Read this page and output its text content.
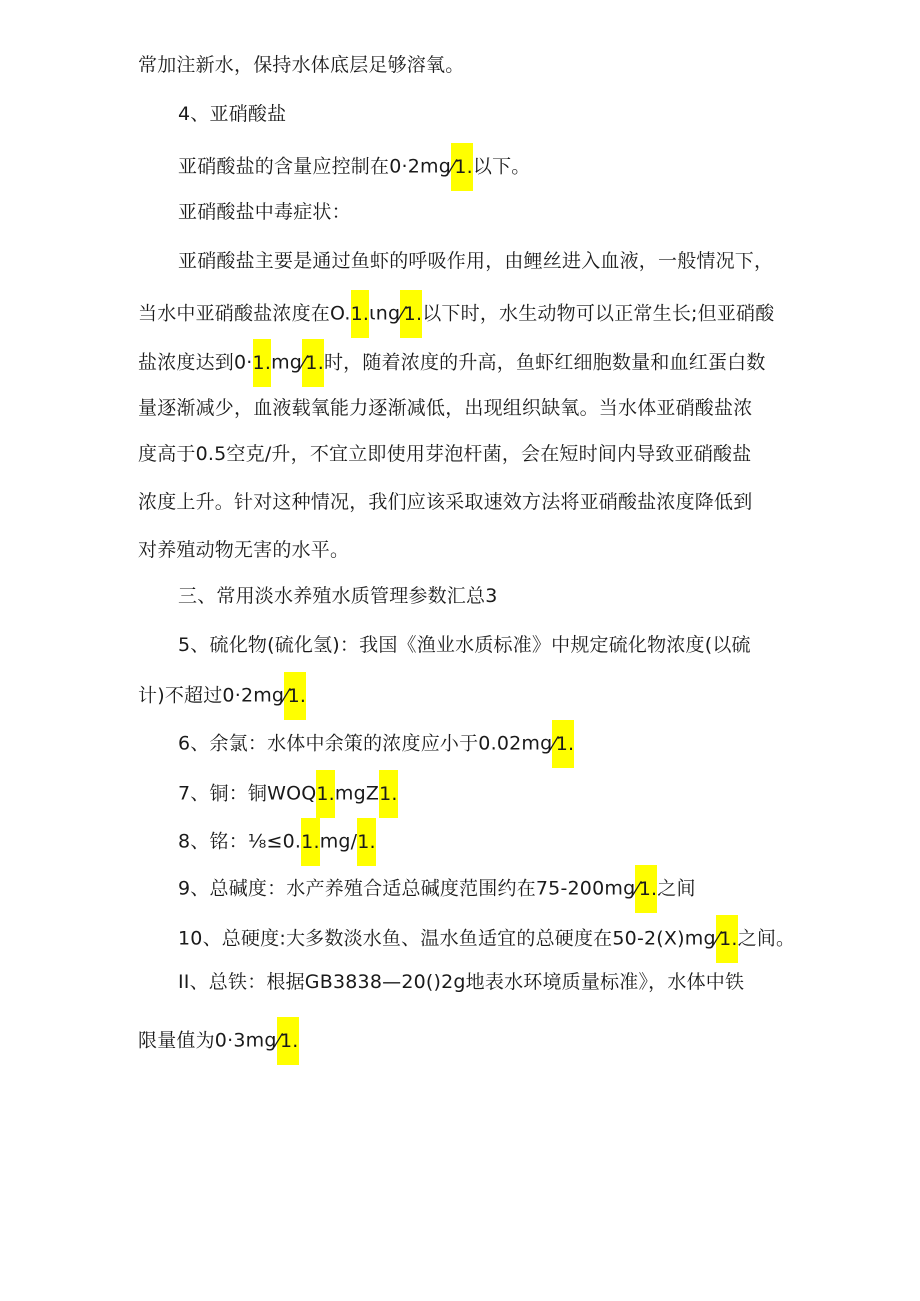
常加注新水，保持水体底层足够溶氧。
4、亚硝酸盐
亚硝酸盐的含量应控制在0·2mg⁄1.以下。
亚硝酸盐中毒症状：
亚硝酸盐主要是通过鱼虾的呼吸作用，由鲤丝进入血液，一般情况下，
当水中亚硝酸盐浓度在O.1.ιng⁄1.以下时，水生动物可以正常生长;但亚硝酸
盐浓度达到0·1.mg⁄1.时，随着浓度的升高，鱼虾红细胞数量和血红蛋白数
量逐渐减少，血液载氧能力逐渐减低，出现组织缺氧。当水体亚硝酸盐浓
度高于0.5空克/升，不宜立即使用芽泡杆菌，会在短时间内导致亚硝酸盐
浓度上升。针对这种情况，我们应该采取速效方法将亚硝酸盐浓度降低到
对养殖动物无害的水平。
三、常用淡水养殖水质管理参数汇总3
5、硫化物(硫化氢)：我国《渔业水质标准》中规定硫化物浓度(以硫
计)不超过0·2mg⁄1.
6、余氯：水体中余策的浓度应小于0.02mg⁄1.
7、铜：铜WOQ1.mgZ1.
8、铭：⅛≤0.1.mg/1.
9、总碱度：水产养殖合适总碱度范围约在75-200mg⁄1.之间
10、总硬度:大多数淡水鱼、温水鱼适宜的总硬度在50-2(X)mg⁄1.之间。
II、总铁：根据GB3838—20()2g地表水环境质量标准》，水体中铁
限量值为0·3mg⁄1.
